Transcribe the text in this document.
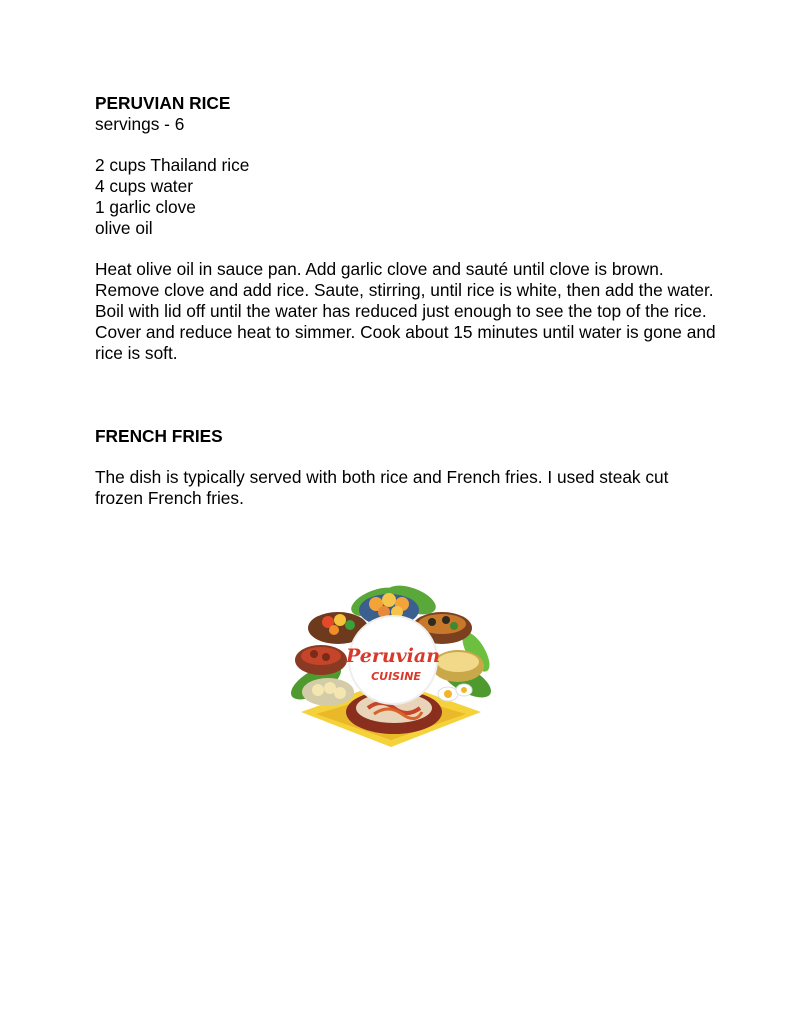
PERUVIAN RICE

servings - 6

2 cups Thailand rice

4 cups water

1 garlic clove

olive oil

Heat olive oil in sauce pan. Add garlic clove and sauté until clove is brown. Remove clove and add rice. Saute, stirring, until rice is white, then add the water. Boil with lid off until the water has reduced just enough to see the top of the rice.

Cover and reduce heat to simmer. Cook about 15 minutes until water is gone and rice is soft.

FRENCH FRIES

The dish is typically served with both rice and French fries. I used steak cut frozen French fries.

Peruvian
CUISINE
